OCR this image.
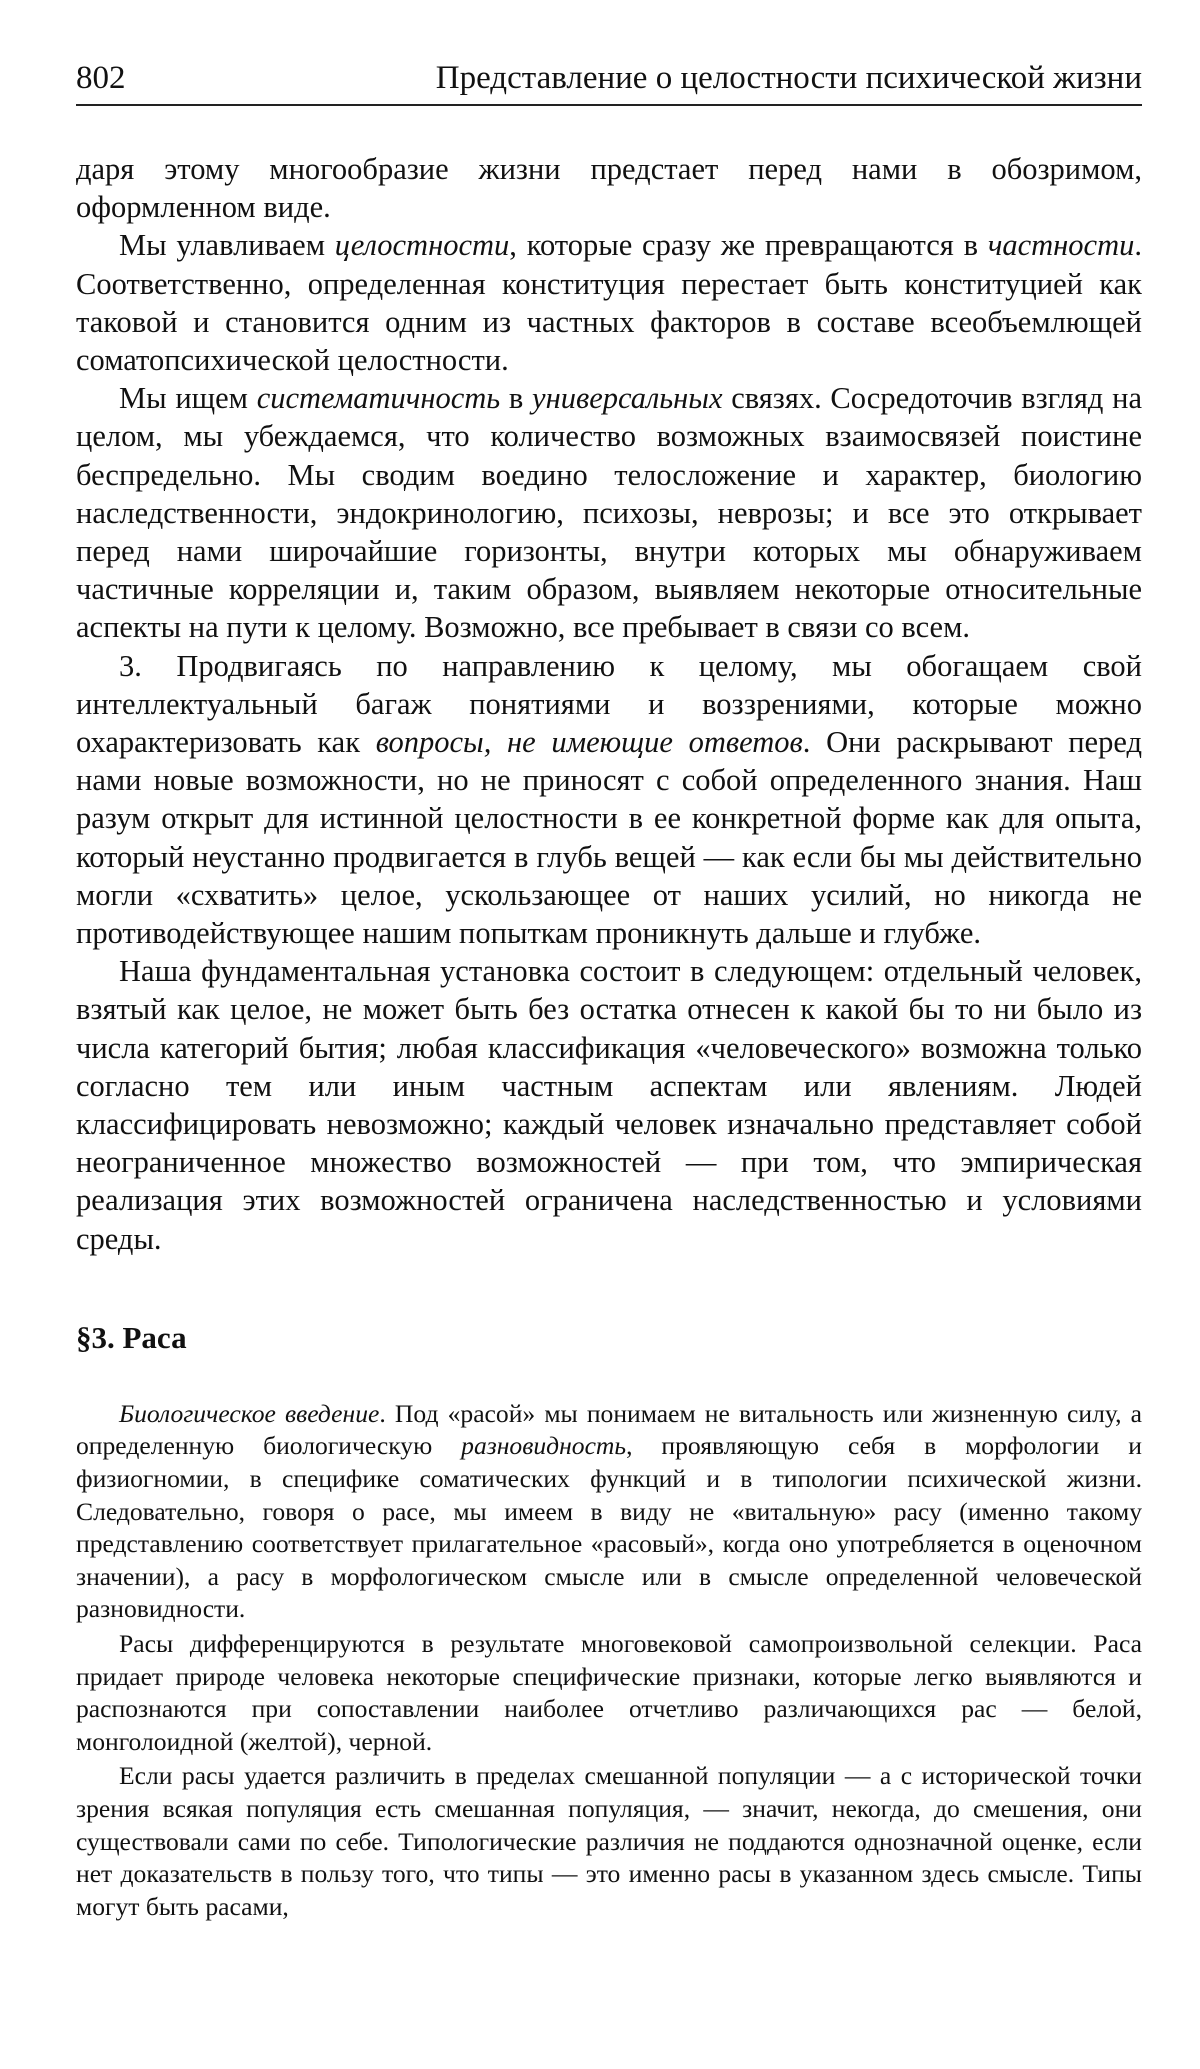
802	Представление о целостности психической жизни

даря этому многообразие жизни предстает перед нами в обозримом, оформленном виде.

Мы улавливаем целостности, которые сразу же превращаются в частности. Соответственно, определенная конституция перестает быть конституцией как таковой и становится одним из частных факторов в составе всеобъемлющей соматопсихической целостности.

Мы ищем систематичность в универсальных связях. Сосредоточив взгляд на целом, мы убеждаемся, что количество возможных взаимосвязей поистине беспредельно. Мы сводим воедино телосложение и характер, биологию наследственности, эндокринологию, психозы, неврозы; и все это открывает перед нами широчайшие горизонты, внутри которых мы обнаруживаем частичные корреляции и, таким образом, выявляем некоторые относительные аспекты на пути к целому. Возможно, все пребывает в связи со всем.

3. Продвигаясь по направлению к целому, мы обогащаем свой интеллектуальный багаж понятиями и воззрениями, которые можно охарактеризовать как вопросы, не имеющие ответов. Они раскрывают перед нами новые возможности, но не приносят с собой определенного знания. Наш разум открыт для истинной целостности в ее конкретной форме как для опыта, который неустанно продвигается в глубь вещей — как если бы мы действительно могли «схватить» целое, ускользающее от наших усилий, но никогда не противодействующее нашим попыткам проникнуть дальше и глубже.

Наша фундаментальная установка состоит в следующем: отдельный человек, взятый как целое, не может быть без остатка отнесен к какой бы то ни было из числа категорий бытия; любая классификация «человеческого» возможна только согласно тем или иным частным аспектам или явлениям. Людей классифицировать невозможно; каждый человек изначально представляет собой неограниченное множество возможностей — при том, что эмпирическая реализация этих возможностей ограничена наследственностью и условиями среды.

§3. Раса

Биологическое введение. Под «расой» мы понимаем не витальность или жизненную силу, а определенную биологическую разновидность, проявляющую себя в морфологии и физиогномии, в специфике соматических функций и в типологии психической жизни. Следовательно, говоря о расе, мы имеем в виду не «витальную» расу (именно такому представлению соответствует прилагательное «расовый», когда оно употребляется в оценочном значении), а расу в морфологическом смысле или в смысле определенной человеческой разновидности.

Расы дифференцируются в результате многовековой самопроизвольной селекции. Раса придает природе человека некоторые специфические признаки, которые легко выявляются и распознаются при сопоставлении наиболее отчетливо различающихся рас — белой, монголоидной (желтой), черной.

Если расы удается различить в пределах смешанной популяции — а с исторической точки зрения всякая популяция есть смешанная популяция, — значит, некогда, до смешения, они существовали сами по себе. Типологические различия не поддаются однозначной оценке, если нет доказательств в пользу того, что типы — это именно расы в указанном здесь смысле. Типы могут быть расами,
